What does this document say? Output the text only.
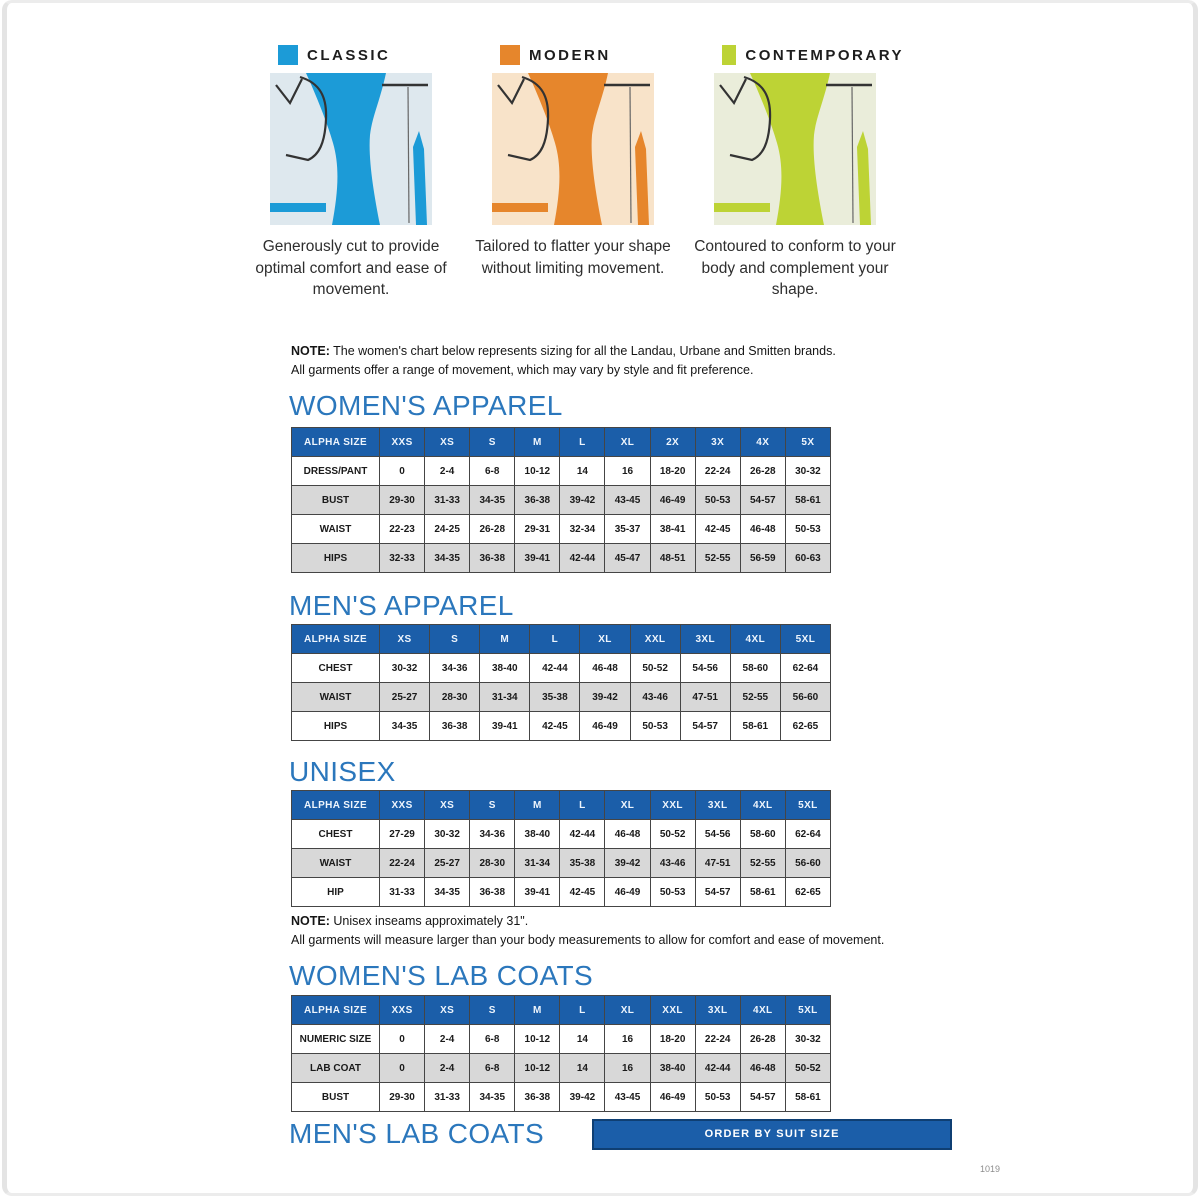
CLASSIC
Generously cut to provide optimal comfort and ease of movement.
MODERN
Tailored to flatter your shape without limiting movement.
CONTEMPORARY
Contoured to conform to your body and complement your shape.
NOTE: The women's chart below represents sizing for all the Landau, Urbane and Smitten brands.
All garments offer a range of movement, which may vary by style and fit preference.
WOMEN'S APPAREL
ALPHA SIZE	XXS	XS	S	M	L	XL	2X	3X	4X	5X
DRESS/PANT	0	2-4	6-8	10-12	14	16	18-20	22-24	26-28	30-32
BUST	29-30	31-33	34-35	36-38	39-42	43-45	46-49	50-53	54-57	58-61
WAIST	22-23	24-25	26-28	29-31	32-34	35-37	38-41	42-45	46-48	50-53
HIPS	32-33	34-35	36-38	39-41	42-44	45-47	48-51	52-55	56-59	60-63
MEN'S APPAREL
ALPHA SIZE	XS	S	M	L	XL	XXL	3XL	4XL	5XL
CHEST	30-32	34-36	38-40	42-44	46-48	50-52	54-56	58-60	62-64
WAIST	25-27	28-30	31-34	35-38	39-42	43-46	47-51	52-55	56-60
HIPS	34-35	36-38	39-41	42-45	46-49	50-53	54-57	58-61	62-65
UNISEX
ALPHA SIZE	XXS	XS	S	M	L	XL	XXL	3XL	4XL	5XL
CHEST	27-29	30-32	34-36	38-40	42-44	46-48	50-52	54-56	58-60	62-64
WAIST	22-24	25-27	28-30	31-34	35-38	39-42	43-46	47-51	52-55	56-60
HIP	31-33	34-35	36-38	39-41	42-45	46-49	50-53	54-57	58-61	62-65
NOTE: Unisex inseams approximately 31".
All garments will measure larger than your body measurements to allow for comfort and ease of movement.
WOMEN'S LAB COATS
ALPHA SIZE	XXS	XS	S	M	L	XL	XXL	3XL	4XL	5XL
NUMERIC SIZE	0	2-4	6-8	10-12	14	16	18-20	22-24	26-28	30-32
LAB COAT	0	2-4	6-8	10-12	14	16	38-40	42-44	46-48	50-52
BUST	29-30	31-33	34-35	36-38	39-42	43-45	46-49	50-53	54-57	58-61
MEN'S LAB COATS	ORDER BY SUIT SIZE
1019
